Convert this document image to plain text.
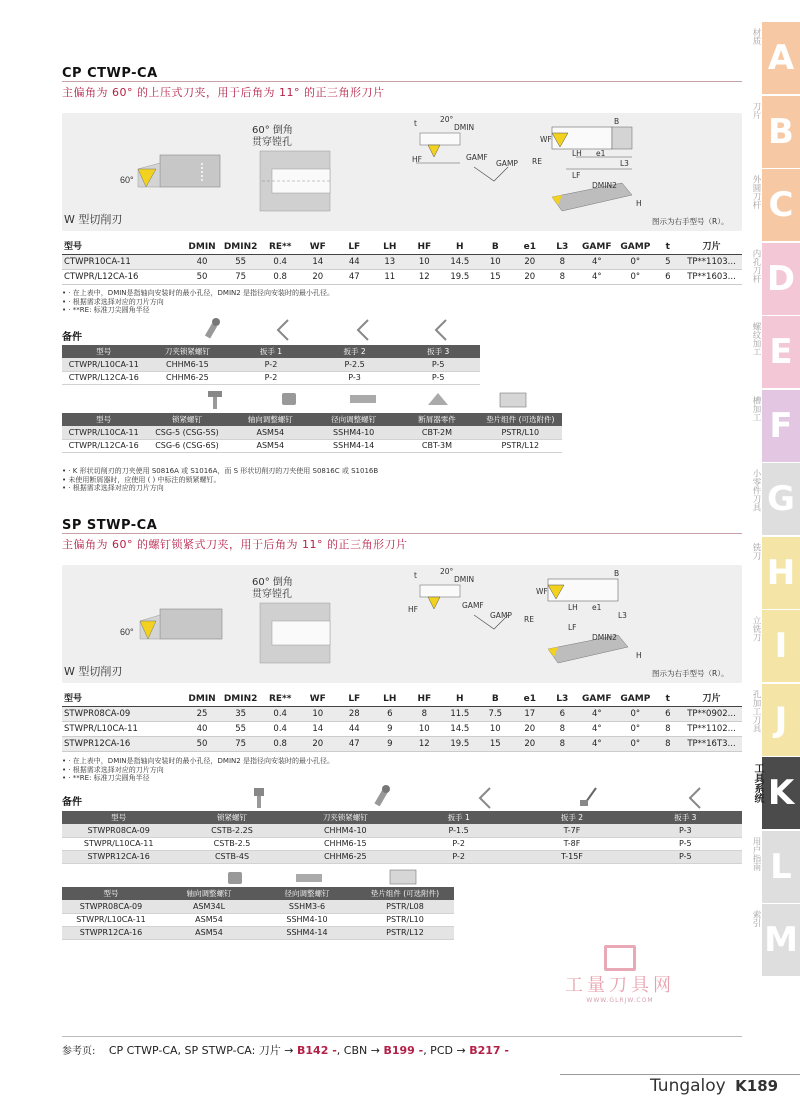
CP CTWP-CA
主偏角为 60° 的上压式刀夹，用于后角为 11° 的正三角形刀片
60°
60° 倒角
贯穿镗孔
W 型切削刃	图示为右手型号（R）。
t	20°
DMIN
HF	GAMF
GAMP RE
WF
B
LH e1
L3
LF
DMIN2
H
型号	DMIN	DMIN2	RE**	WF	LF	LH	HF	H	B	e1	L3	GAMF	GAMP	t	刀片
CTWPR10CA-11	40	55	0.4	14	44	13	10	14.5	10	20	8	4°	0°	5	TP**1103...
CTWPR/L12CA-16	50	75	0.8	20	47	11	12	19.5	15	20	8	4°	0°	6	TP**1603...
• · 在上表中，DMIN是指轴向安装时的最小孔径，DMIN2 是指径向安装时的最小孔径。
• · 根据需求选择对应的刀片方向
• · **RE: 标准刀尖圆角半径
备件
型号	刀夹锁紧螺钉	扳手 1	扳手 2	扳手 3
CTWPR/L10CA-11	CHHM6-15	P-2	P-2.5	P-5
CTWPR/L12CA-16	CHHM6-25	P-2	P-3	P-5
型号	锁紧螺钉	轴向调整螺钉	径向调整螺钉	断屑器零件	垫片组件 (可选附件)
CTWPR/L10CA-11	CSG-5 (CSG-5S)	ASM54	SSHM4-10	CBT-2M	PSTR/L10
CTWPR/L12CA-16	CSG-6 (CSG-6S)	ASM54	SSHM4-14	CBT-3M	PSTR/L12
• · K 形状切削刃的刀夹使用 S0816A 或 S1016A，而 S 形状切削刃的刀夹使用 S0816C 或 S1016B
• 未使用断屑器时，应使用 ( ) 中标注的锁紧螺钉。
• · 根据需求选择对应的刀片方向
SP STWP-CA
主偏角为 60° 的螺钉锁紧式刀夹，用于后角为 11° 的正三角形刀片
60°
60° 倒角
贯穿镗孔
W 型切削刃	图示为右手型号（R）。
t	20°
DMIN
HF	GAMF
GAMP RE
WF
B
LH e1
L3
LF
DMIN2
H
型号	DMIN	DMIN2	RE**	WF	LF	LH	HF	H	B	e1	L3	GAMF	GAMP	t	刀片
STWPR08CA-09	25	35	0.4	10	28	6	8	11.5	7.5	17	6	4°	0°	6	TP**0902...
STWPR/L10CA-11	40	55	0.4	14	44	9	10	14.5	10	20	8	4°	0°	8	TP**1102...
STWPR12CA-16	50	75	0.8	20	47	9	12	19.5	15	20	8	4°	0°	8	TP**16T3...
• · 在上表中，DMIN是指轴向安装时的最小孔径，DMIN2 是指径向安装时的最小孔径。
• · 根据需求选择对应的刀片方向
• · **RE: 标准刀尖圆角半径
备件
型号	锁紧螺钉	刀夹锁紧螺钉	扳手 1	扳手 2	扳手 3
STWPR08CA-09	CSTB-2.2S	CHHM4-10	P-1.5	T-7F	P-3
STWPR/L10CA-11	CSTB-2.5	CHHM6-15	P-2	T-8F	P-5
STWPR12CA-16	CSTB-4S	CHHM6-25	P-2	T-15F	P-5
型号	轴向调整螺钉	径向调整螺钉	垫片组件 (可选附件)
STWPR08CA-09	ASM34L	SSHM3-6	PSTR/L08
STWPR/L10CA-11	ASM54	SSHM4-10	PSTR/L10
STWPR12CA-16	ASM54	SSHM4-14	PSTR/L12
工量刀具网
WWW.GLRJW.COM
参考页: CP CTWP-CA, SP STWP-CA: 刀片 → B142 -, CBN → B199 -, PCD → B217 -
Tungaloy K189
材质
A
刀片
B
外圆刀杆 C
内孔刀杆 D
螺纹加工 E
槽加工 F
小零件刀具 G
铣刀
H
立铣刀 I
孔加工刀具 J
工具系统 K
用户指南 L
索引
M
